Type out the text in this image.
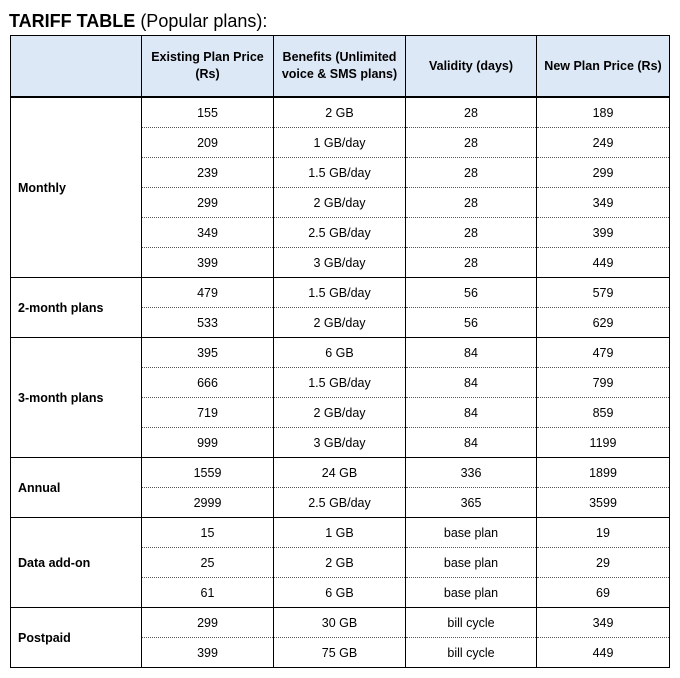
TARIFF TABLE (Popular plans):
	Existing Plan Price (Rs)	Benefits (Unlimited voice & SMS plans)	Validity (days)	New Plan Price (Rs)
Monthly	155	2 GB	28	189
	209	1 GB/day	28	249
	239	1.5 GB/day	28	299
	299	2 GB/day	28	349
	349	2.5 GB/day	28	399
	399	3 GB/day	28	449
2-month plans	479	1.5 GB/day	56	579
	533	2 GB/day	56	629
3-month plans	395	6 GB	84	479
	666	1.5 GB/day	84	799
	719	2 GB/day	84	859
	999	3 GB/day	84	1199
Annual	1559	24 GB	336	1899
	2999	2.5 GB/day	365	3599
Data add-on	15	1 GB	base plan	19
	25	2 GB	base plan	29
	61	6 GB	base plan	69
Postpaid	299	30 GB	bill cycle	349
	399	75 GB	bill cycle	449
